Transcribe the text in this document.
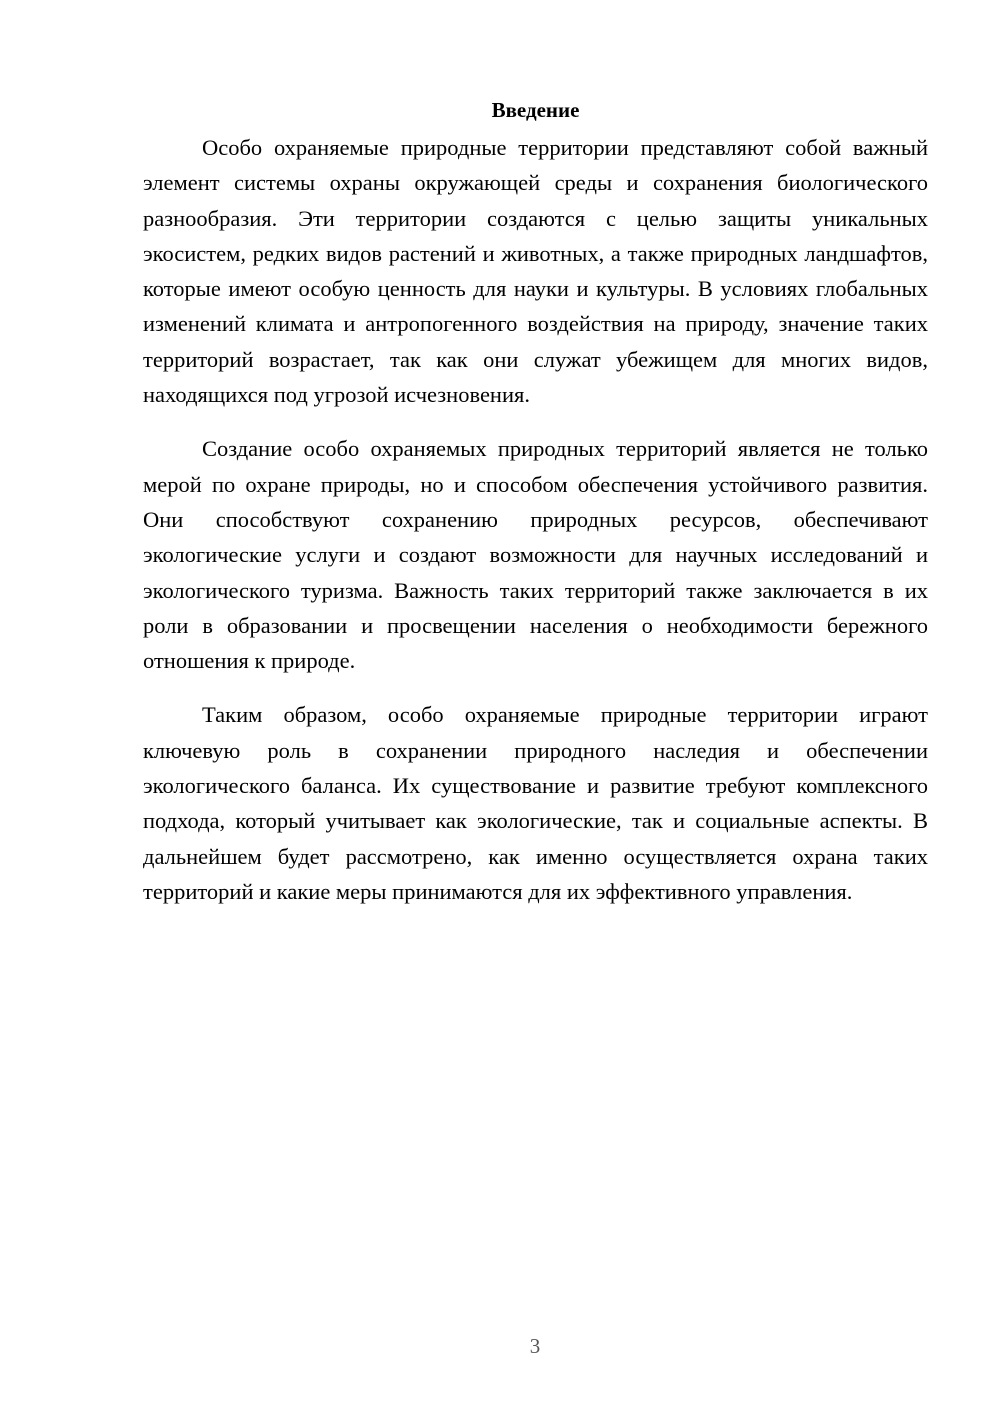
Введение

Особо охраняемые природные территории представляют собой важный элемент системы охраны окружающей среды и сохранения биологического разнообразия. Эти территории создаются с целью защиты уникальных экосистем, редких видов растений и животных, а также природных ландшафтов, которые имеют особую ценность для науки и культуры. В условиях глобальных изменений климата и антропогенного воздействия на природу, значение таких территорий возрастает, так как они служат убежищем для многих видов, находящихся под угрозой исчезновения.

Создание особо охраняемых природных территорий является не только мерой по охране природы, но и способом обеспечения устойчивого развития. Они способствуют сохранению природных ресурсов, обеспечивают экологические услуги и создают возможности для научных исследований и экологического туризма. Важность таких территорий также заключается в их роли в образовании и просвещении населения о необходимости бережного отношения к природе.

Таким образом, особо охраняемые природные территории играют ключевую роль в сохранении природного наследия и обеспечении экологического баланса. Их существование и развитие требуют комплексного подхода, который учитывает как экологические, так и социальные аспекты. В дальнейшем будет рассмотрено, как именно осуществляется охрана таких территорий и какие меры принимаются для их эффективного управления.

3
